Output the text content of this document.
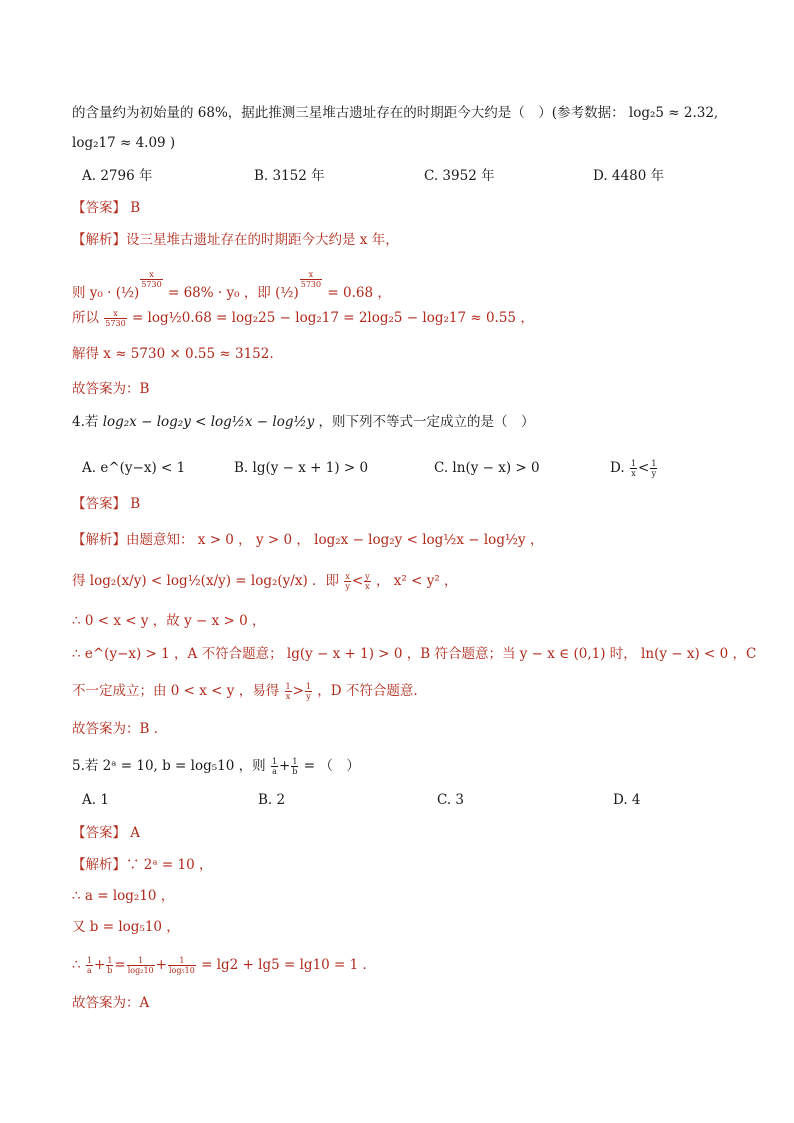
的含量约为初始量的 68%，据此推测三星堆古遗址存在的时期距今大约是（　）(参考数据： log₂5 ≈ 2.32,
log₂17 ≈ 4.09 )
A. 2796 年	B. 3152 年	C. 3952 年	D. 4480 年
【答案】 B
【解析】设三星堆古遗址存在的时期距今大约是 x 年，
则 y₀ · (½)
$^{\frac{x}{5730}}$
= 68% · y₀ ，即 (½)
$^{\frac{x}{5730}}$
= 0.68 ，
所以 $\frac{x}{5730}$ = log½0.68 = log₂25 − log₂17 = 2log₂5 − log₂17 ≈ 0.55 ，
解得 x ≈ 5730 × 0.55 ≈ 3152.
故答案为：B
4.若 log₂x − log₂y < log½x − log½y ，则下列不等式一定成立的是（　）
A. e^(y−x) < 1	B. lg(y − x + 1) > 0	C. ln(y − x) > 0	D. $\frac{1}{x} < \frac{1}{y}$
【答案】 B
【解析】由题意知： x > 0 ， y > 0 ， log₂x − log₂y < log½x − log½y ，
得 log₂(x/y) < log½(x/y) = log₂(y/x) ．即 $\frac{x}{y} < \frac{y}{x}$ ， x² < y² ，
∴ 0 < x < y ，故 y − x > 0 ，
∴ e^(y−x) > 1 ，A 不符合题意； lg(y − x + 1) > 0 ，B 符合题意；当 y − x ∈ (0,1) 时， ln(y − x) < 0 ，C
不一定成立；由 0 < x < y ，易得 $\frac{1}{x} > \frac{1}{y}$ ，D 不符合题意.
故答案为：B ．
5.若 2ᵃ = 10, b = log₅10 ，则 $\frac{1}{a} + \frac{1}{b}$ = （　）
A. 1	B. 2	C. 3	D. 4
【答案】 A
【解析】∵ 2ᵃ = 10 ，
∴ a = log₂10 ，
又 b = log₅10 ，
∴ $\frac{1}{a} + \frac{1}{b} = \frac{1}{\text{log₂10}} + \frac{1}{\text{log₅10}} = \lg 2 + \lg 5 = \lg 10 = 1$ ．
故答案为：A
